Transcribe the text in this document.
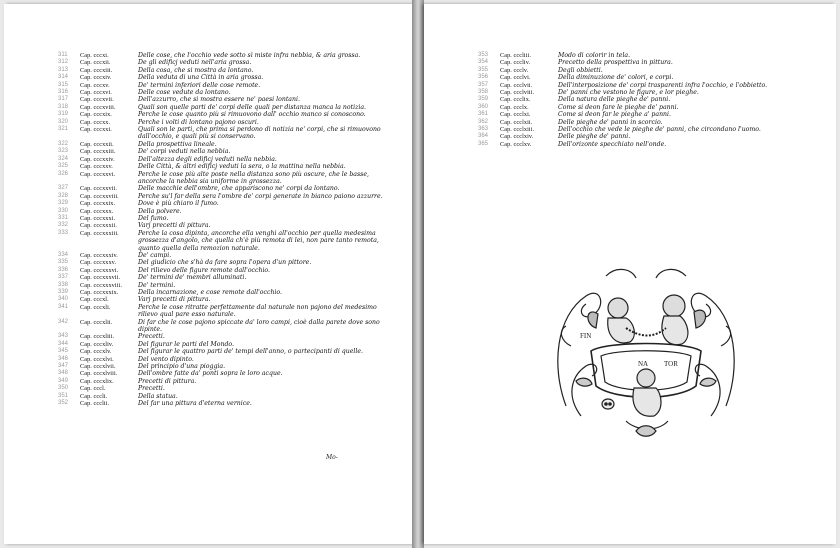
311	Cap. cccxi.	Delle cose, che l'occhio vede sotto sì miste infra nebbia, & aria grossa.
312	Cap. cccxii.	De gli edificj veduti nell'aria grossa.
313	Cap. cccxiii.	Della cosa, che si mostra da lontano.
314	Cap. cccxiv.	Della veduta di una Città in aria grossa.
315	Cap. cccxv.	De' termini inferiori delle cose remote.
316	Cap. cccxvi.	Delle cose vedute da lontano.
317	Cap. cccxvii.	Dell'azzurro, che si mostra essere ne' paesi lontani.
318	Cap. cccxviii.	Quali son quelle parti de' corpi delle quali per distanza manca la notizia.
319	Cap. cccxix.	Perche le cose quanto più si rimuovono dall' occhio manco si conoscono.
320	Cap. cccxx.	Perche i volti di lontano pajono oscuri.
321	Cap. cccxxi.	Quali son le parti, che prima si perdono di notizia ne' corpi, che si rimuovono dall'occhio, e quali più si conservano.
322	Cap. cccxxii.	Della prospettiva lineale.
323	Cap. cccxxiii.	De' corpi veduti nella nebbia.
324	Cap. cccxxiv.	Dell'altezza degli edificj veduti nella nebbia.
325	Cap. cccxxv.	Delle Città, & altri edificj veduti la sera, o la mattina nella nebbia.
326	Cap. cccxxvi.	Perche le cose più alte poste nella distanza sono più oscure, che le basse, ancorche la nebbia sia uniforme in grossezza.
327	Cap. cccxxvii.	Delle macchie dell'ombre, che appariscono ne' corpi da lontano.
328	Cap. cccxxviii.	Perche su'l far della sera l'ombre de' corpi generate in bianco paiono azzurre.
329	Cap. cccxxix.	Dove è più chiaro il fumo.
330	Cap. cccxxx.	Della polvere.
331	Cap. cccxxxi.	Del fumo.
332	Cap. cccxxxii.	Varj precetti di pittura.
333	Cap. cccxxxiii.	Perche la cosa dipinta, ancorche ella venghi all'occhio per quella medesima grossezza d'angolo, che quella ch'è più remota di lei, non pare tanto remota, quanto quella della remozion naturale.
334	Cap. cccxxxiv.	De' campi.
335	Cap. cccxxxv.	Del giudicio che s'hà da fare sopra l'opera d'un pittore.
336	Cap. cccxxxvi.	Del rilievo delle figure remote dall'occhio.
337	Cap. cccxxxvii.	De' termini de' membri alluminati.
338	Cap. cccxxxviii.	De' termini.
339	Cap. cccxxxix.	Della incarnazione, e cose remote dall'occhio.
340	Cap. cccxl.	Varj precetti di pittura.
341	Cap. cccxli.	Perche le cose ritratte perfettamente dal naturale non pajono del medesimo rilievo qual pare esso naturale.
342	Cap. cccxlii.	Di far che le cose pajono spiccate da' loro campi, cioè dalla parete dove sono dipinte.
343	Cap. cccxliii.	Precetti.
344	Cap. cccxliv.	Del figurar le parti del Mondo.
345	Cap. cccxlv.	Del figurar le quattro parti de' tempi dell'anno, o partecipanti di quelle.
346	Cap. cccxlvi.	Del vento dipinto.
347	Cap. cccxlvii.	Del principio d'una pioggia.
348	Cap. cccxlviii.	Dell'ombre fatte da' ponti sopra le loro acque.
349	Cap. cccxlix.	Precetti di pittura.
350	Cap. cccl.	Precetti.
351	Cap. cccli.	Della statua.
352	Cap. ccclii.	Del far una pittura d'eterna vernice.
Mo-
353	Cap. cccliii.	Modo di colorir in tela.
354	Cap. cccliv.	Precetto della prospettiva in pittura.
355	Cap. ccclv.	Degli obbietti.
356	Cap. ccclvi.	Della diminuzione de' colori, e corpi.
357	Cap. ccclvii.	Dell'interposizione de' corpi trasparenti infra l'occhio, e l'obbietto.
358	Cap. ccclviii.	De' panni che vestono le figure, e lor pieghe.
359	Cap. ccclix.	Della natura delle pieghe de' panni.
360	Cap. ccclx.	Come si deon fare le pieghe de' panni.
361	Cap. ccclxi.	Come si deon far le pieghe a' panni.
362	Cap. ccclxii.	Delle pieghe de' panni in scorcio.
363	Cap. ccclxiii.	Dell'occhio che vede le pieghe de' panni, che circondano l'uomo.
364	Cap. ccclxiv.	Delle pieghe de' panni.
365	Cap. ccclxv.	Dell'orizonte specchiato nell'onde.
FIN
NA TOR
